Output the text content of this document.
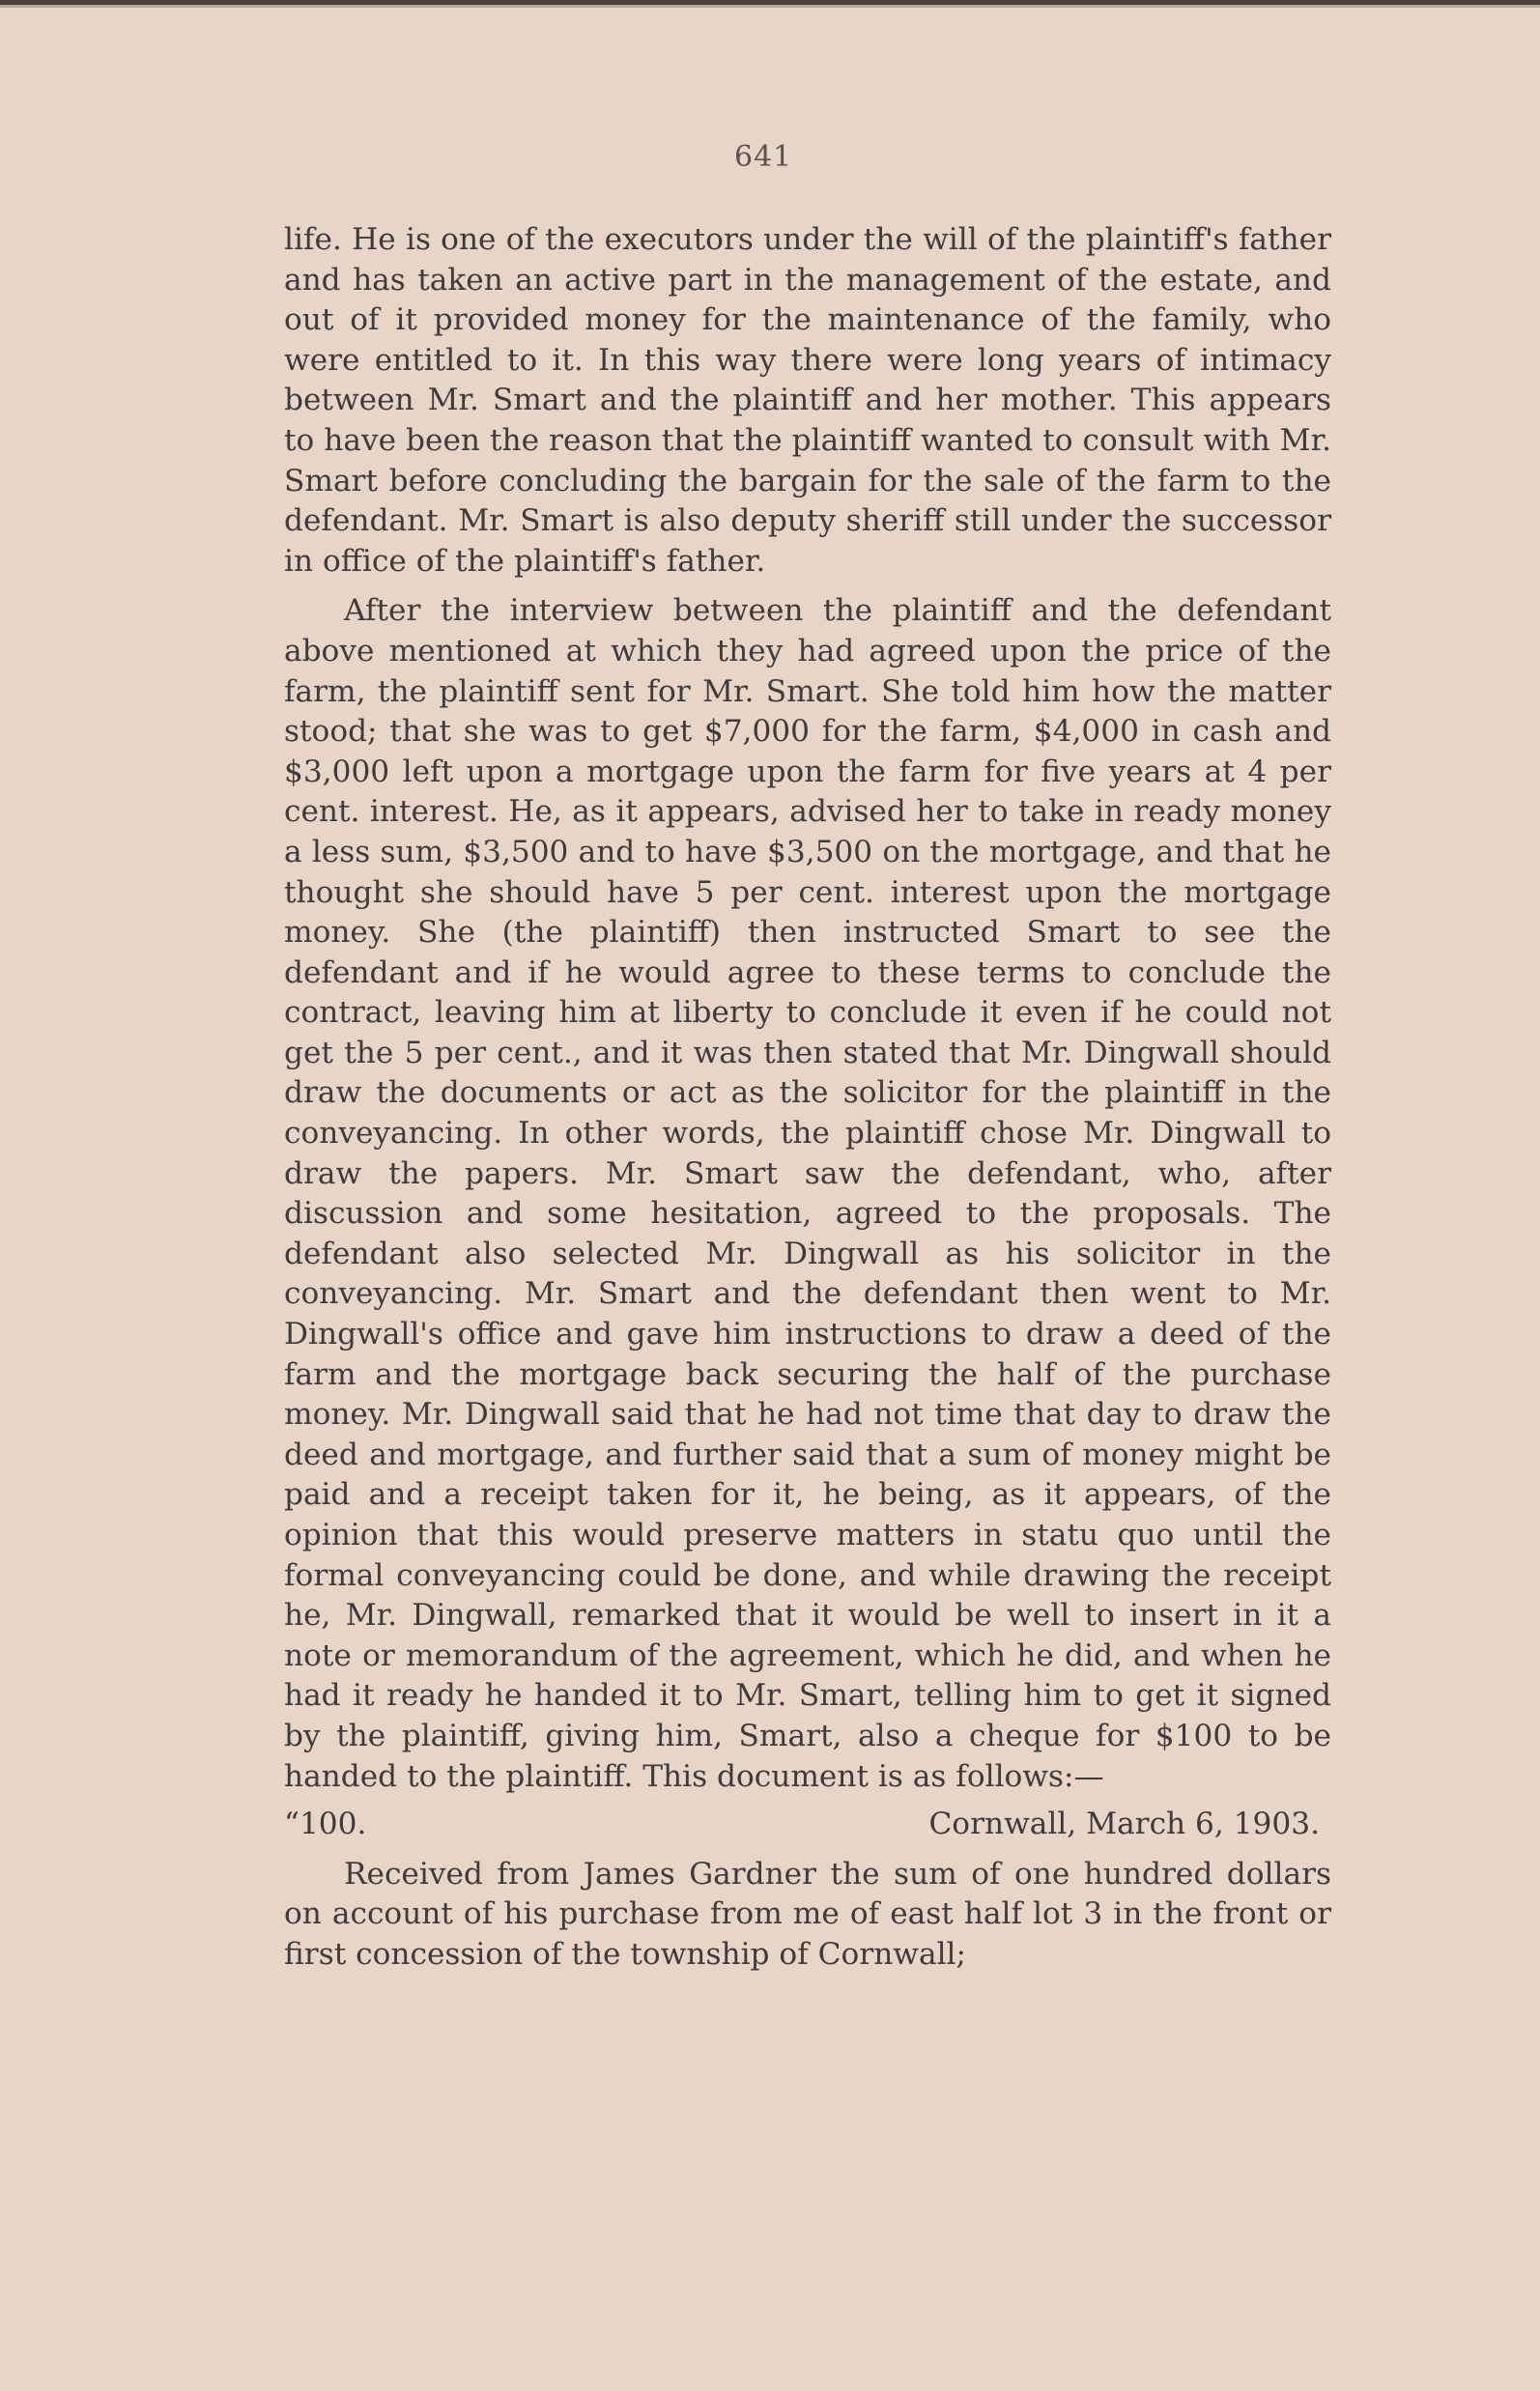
641

life. He is one of the executors under the will of the plaintiff's father and has taken an active part in the management of the estate, and out of it provided money for the maintenance of the family, who were entitled to it. In this way there were long years of intimacy between Mr. Smart and the plaintiff and her mother. This appears to have been the reason that the plaintiff wanted to consult with Mr. Smart before concluding the bargain for the sale of the farm to the defendant. Mr. Smart is also deputy sheriff still under the successor in office of the plaintiff's father.

After the interview between the plaintiff and the defendant above mentioned at which they had agreed upon the price of the farm, the plaintiff sent for Mr. Smart. She told him how the matter stood; that she was to get $7,000 for the farm, $4,000 in cash and $3,000 left upon a mortgage upon the farm for five years at 4 per cent. interest. He, as it appears, advised her to take in ready money a less sum, $3,500 and to have $3,500 on the mortgage, and that he thought she should have 5 per cent. interest upon the mortgage money. She (the plaintiff) then instructed Smart to see the defendant and if he would agree to these terms to conclude the contract, leaving him at liberty to conclude it even if he could not get the 5 per cent., and it was then stated that Mr. Dingwall should draw the documents or act as the solicitor for the plaintiff in the conveyancing. In other words, the plaintiff chose Mr. Dingwall to draw the papers. Mr. Smart saw the defendant, who, after discussion and some hesitation, agreed to the proposals. The defendant also selected Mr. Dingwall as his solicitor in the conveyancing. Mr. Smart and the defendant then went to Mr. Dingwall's office and gave him instructions to draw a deed of the farm and the mortgage back securing the half of the purchase money. Mr. Dingwall said that he had not time that day to draw the deed and mortgage, and further said that a sum of money might be paid and a receipt taken for it, he being, as it appears, of the opinion that this would preserve matters in statu quo until the formal conveyancing could be done, and while drawing the receipt he, Mr. Dingwall, remarked that it would be well to insert in it a note or memorandum of the agreement, which he did, and when he had it ready he handed it to Mr. Smart, telling him to get it signed by the plaintiff, giving him, Smart, also a cheque for $100 to be handed to the plaintiff. This document is as follows:—

“100.	Cornwall, March 6, 1903.

Received from James Gardner the sum of one hundred dollars on account of his purchase from me of east half lot 3 in the front or first concession of the township of Cornwall;
